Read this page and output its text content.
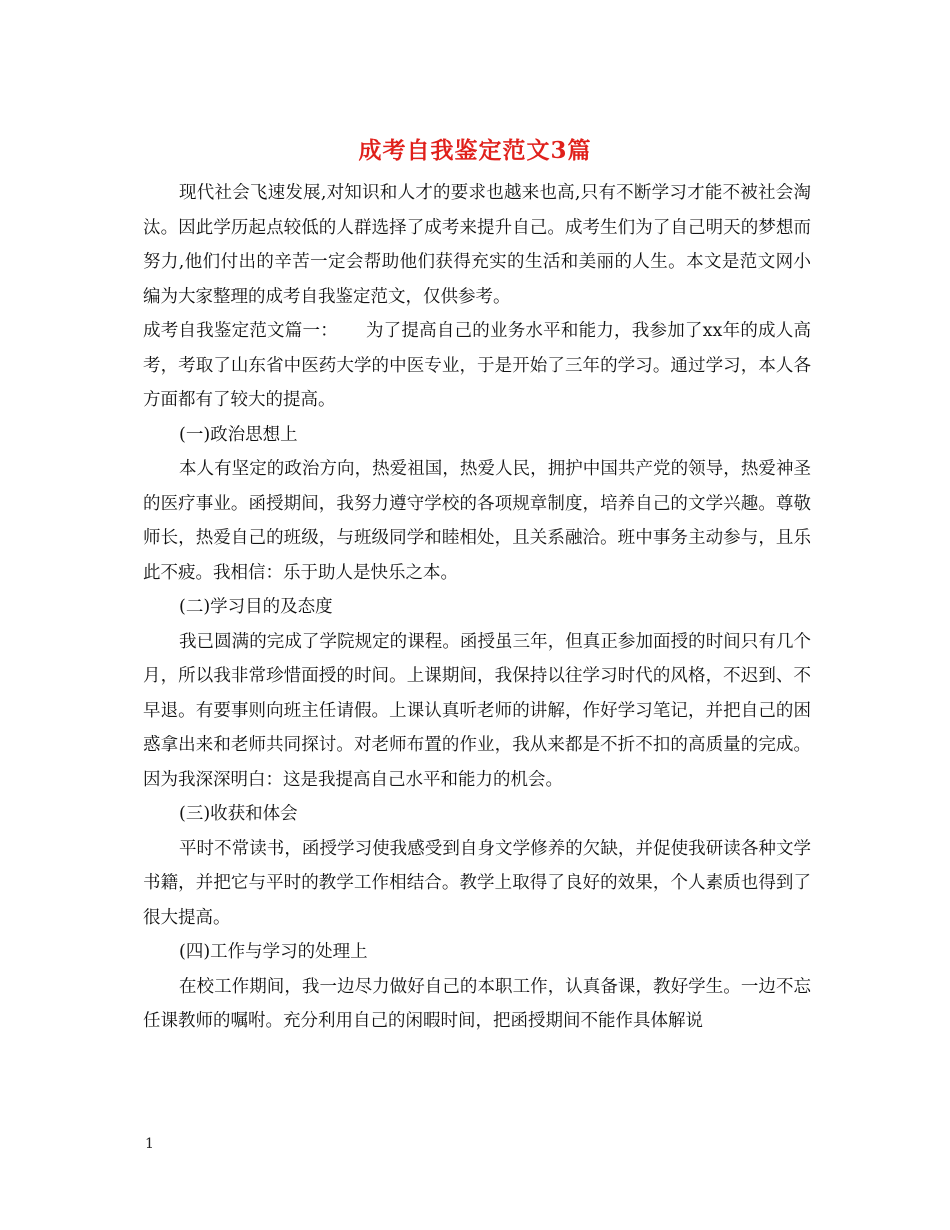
成考自我鉴定范文3篇

现代社会飞速发展,对知识和人才的要求也越来也高,只有不断学习才能不被社会淘汰。因此学历起点较低的人群选择了成考来提升自己。成考生们为了自己明天的梦想而努力,他们付出的辛苦一定会帮助他们获得充实的生活和美丽的人生。本文是范文网小编为大家整理的成考自我鉴定范文，仅供参考。

成考自我鉴定范文篇一： 为了提高自己的业务水平和能力，我参加了xx年的成人高考，考取了山东省中医药大学的中医专业，于是开始了三年的学习。通过学习，本人各方面都有了较大的提高。

(一)政治思想上

本人有坚定的政治方向，热爱祖国，热爱人民，拥护中国共产党的领导，热爱神圣的医疗事业。函授期间，我努力遵守学校的各项规章制度，培养自己的文学兴趣。尊敬师长，热爱自己的班级，与班级同学和睦相处，且关系融洽。班中事务主动参与，且乐此不疲。我相信：乐于助人是快乐之本。

(二)学习目的及态度

我已圆满的完成了学院规定的课程。函授虽三年，但真正参加面授的时间只有几个月，所以我非常珍惜面授的时间。上课期间，我保持以往学习时代的风格，不迟到、不早退。有要事则向班主任请假。上课认真听老师的讲解，作好学习笔记，并把自己的困惑拿出来和老师共同探讨。对老师布置的作业，我从来都是不折不扣的高质量的完成。因为我深深明白：这是我提高自己水平和能力的机会。

(三)收获和体会

平时不常读书，函授学习使我感受到自身文学修养的欠缺，并促使我研读各种文学书籍，并把它与平时的教学工作相结合。教学上取得了良好的效果，个人素质也得到了很大提高。

(四)工作与学习的处理上

在校工作期间，我一边尽力做好自己的本职工作，认真备课，教好学生。一边不忘任课教师的嘱咐。充分利用自己的闲暇时间，把函授期间不能作具体解说

1
